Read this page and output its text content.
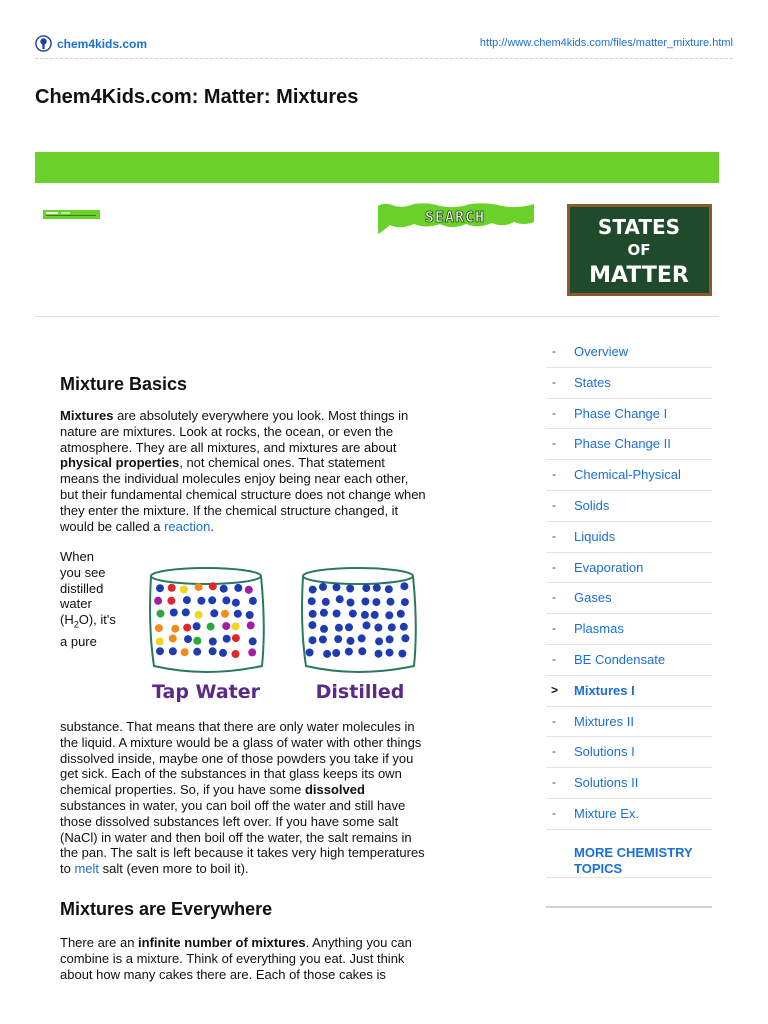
chem4kids.com	http://www.chem4kids.com/files/matter_mixture.html
Chem4Kids.com: Matter: Mixtures
SEARCH	STATES
OF
MATTER
Mixture Basics

Mixtures are absolutely everywhere you look. Most things in nature are mixtures. Look at rocks, the ocean, or even the atmosphere. They are all mixtures, and mixtures are about physical properties, not chemical ones. That statement means the individual molecules enjoy being near each other, but their fundamental chemical structure does not change when they enter the mixture. If the chemical structure changed, it would be called a reaction.

When you see distilled water $(H_2O)$, it's a pure

Tap Water	Distilled

substance. That means that there are only water molecules in the liquid. A mixture would be a glass of water with other things dissolved inside, maybe one of those powders you take if you get sick. Each of the substances in that glass keeps its own chemical properties. So, if you have some dissolved substances in water, you can boil off the water and still have those dissolved substances left over. If you have some salt (NaCl) in water and then boil off the water, the salt remains in the pan. The salt is left because it takes very high temperatures to melt salt (even more to boil it).

Mixtures are Everywhere

There are an infinite number of mixtures. Anything you can combine is a mixture. Think of everything you eat. Just think about how many cakes there are. Each of those cakes is

- Overview
- States
- Phase Change I
- Phase Change II
- Chemical-Physical
- Solids
- Liquids
- Evaporation
- Gases
- Plasmas
- BE Condensate
> Mixtures I
- Mixtures II
- Solutions I
- Solutions II
- Mixture Ex.
MORE CHEMISTRY TOPICS
